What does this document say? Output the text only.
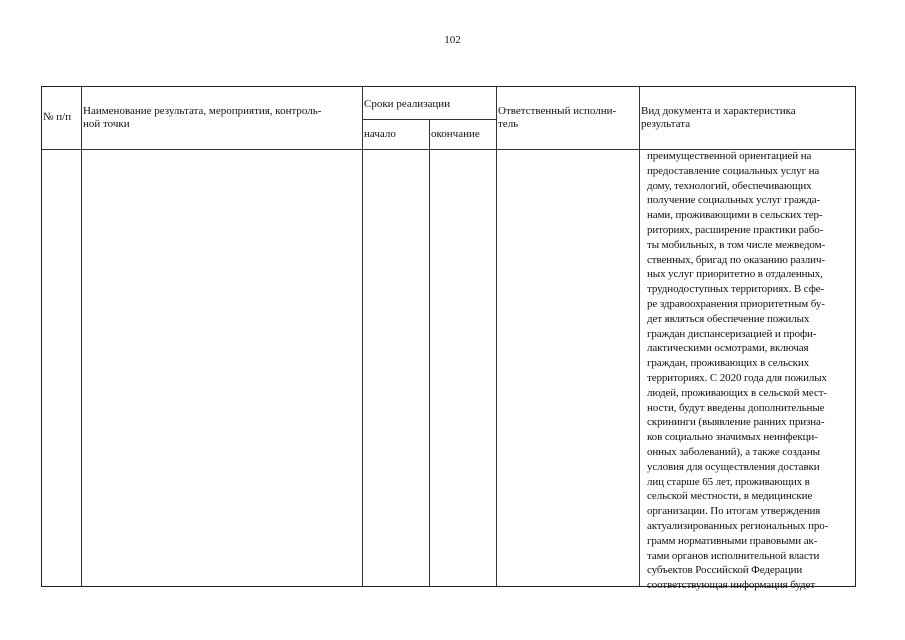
102
№ п/п	Наименование результата, мероприятия, контроль-
ной точки
Сроки реализации
начало	окончание
Ответственный исполни-
тель
Вид документа и характеристика
результата
преимущественной ориентацией на
предоставление социальных услуг на
дому, технологий, обеспечивающих
получение социальных услуг гражда-
нами, проживающими в сельских тер-
риториях, расширение практики рабо-
ты мобильных, в том числе межведом-
ственных, бригад по оказанию различ-
ных услуг приоритетно в отдаленных,
труднодоступных территориях. В сфе-
ре здравоохранения приоритетным бу-
дет являться обеспечение пожилых
граждан диспансеризацией и профи-
лактическими осмотрами, включая
граждан, проживающих в сельских
территориях. С 2020 года для пожилых
людей, проживающих в сельской мест-
ности, будут введены дополнительные
скрининги (выявление ранних призна-
ков социально значимых неинфекци-
онных заболеваний), а также созданы
условия для осуществления доставки
лиц старше 65 лет, проживающих в
сельской местности, в медицинские
организации. По итогам утверждения
актуализированных региональных про-
грамм нормативными правовыми ак-
тами органов исполнительной власти
субъектов Российской Федерации
соответствующая информация будет
